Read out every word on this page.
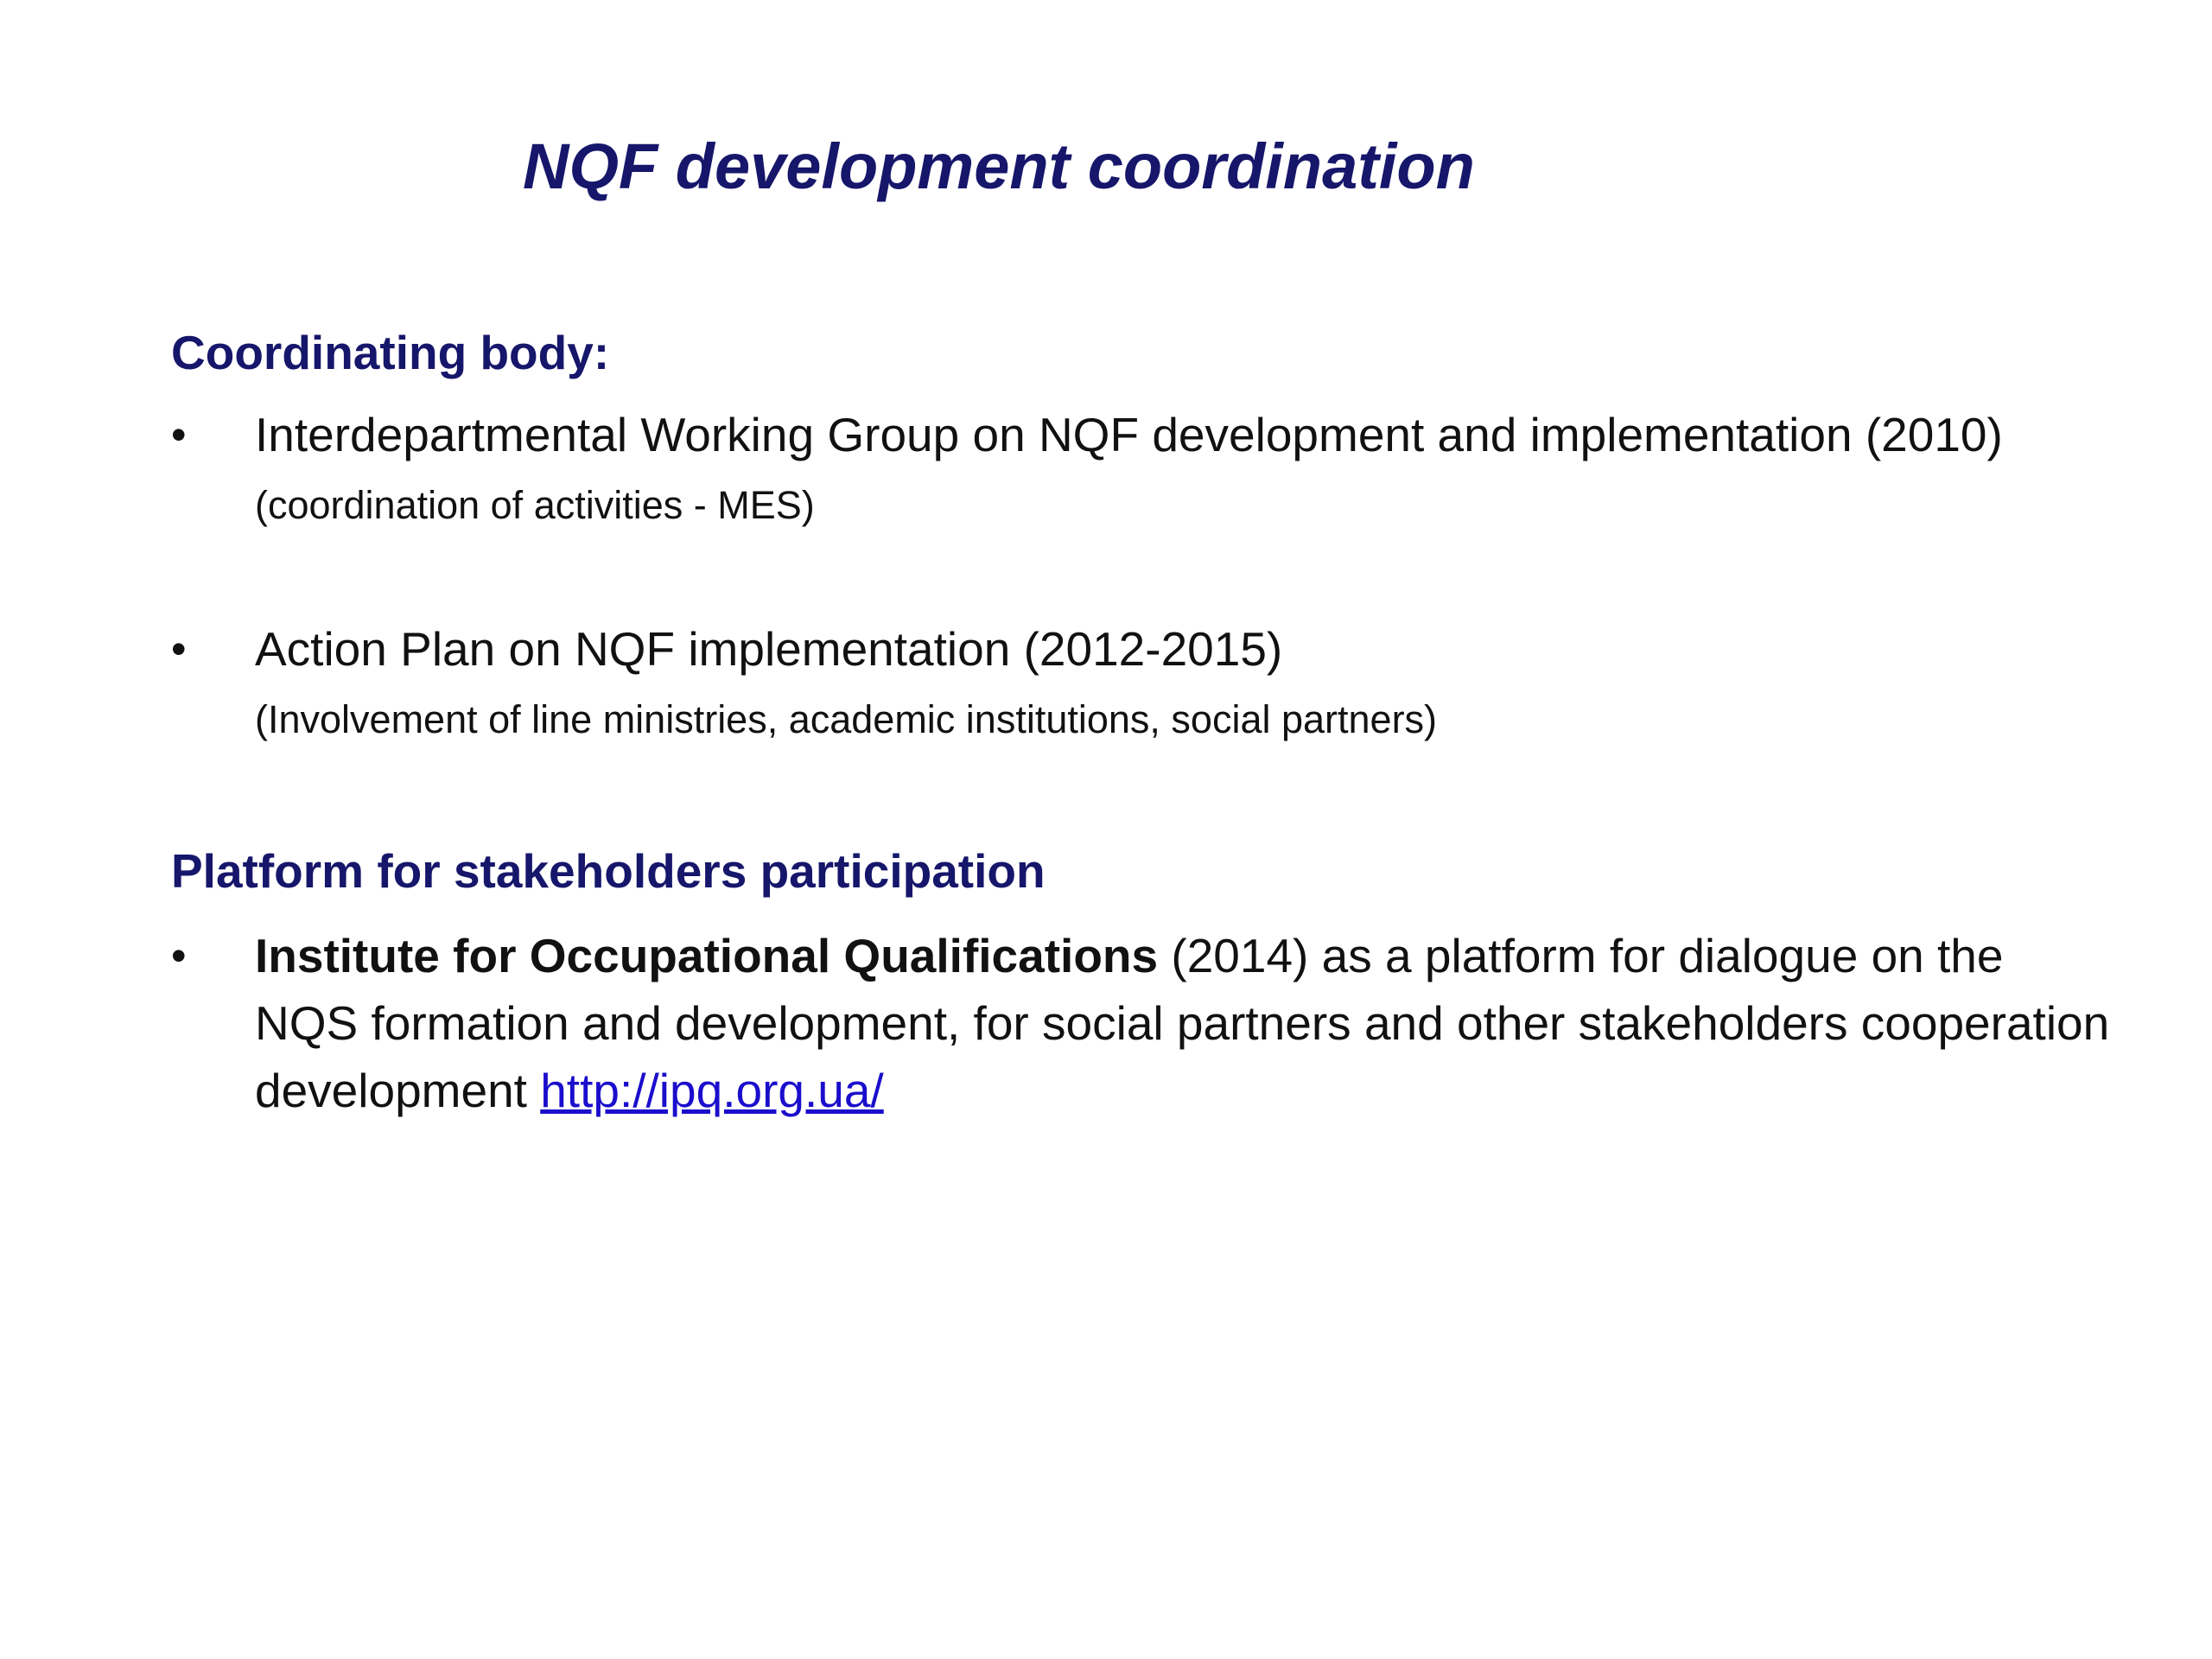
NQF development coordination
Coordinating body:
•	Interdepartmental Working Group on NQF development and implementation (2010) (coordination of activities - MES)
•	Action Plan on NQF implementation (2012-2015)
(Involvement of line ministries, academic institutions, social partners)
Platform for stakeholders participation
•	Institute for Occupational Qualifications (2014) as a platform for dialogue on the NQS formation and development, for social partners and other stakeholders cooperation development http://ipq.org.ua/
